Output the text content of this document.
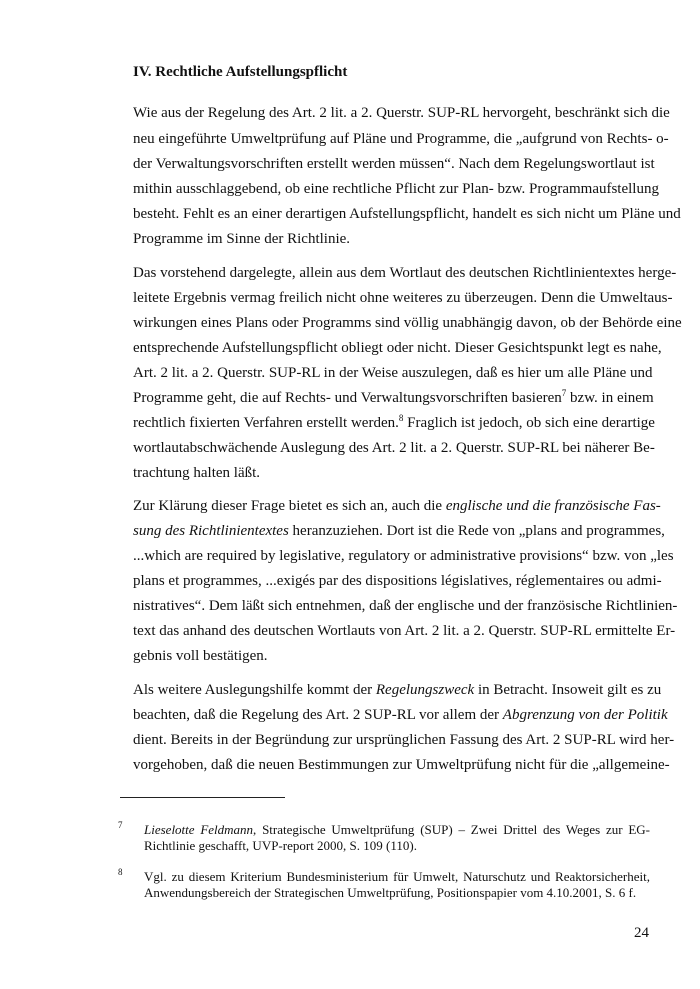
IV. Rechtliche Aufstellungspflicht
Wie aus der Regelung des Art. 2 lit. a 2. Querstr. SUP-RL hervorgeht, beschränkt sich die
neu eingeführte Umweltprüfung auf Pläne und Programme, die „aufgrund von Rechts- o-
der Verwaltungsvorschriften erstellt werden müssen“. Nach dem Regelungswortlaut ist
mithin ausschlaggebend, ob eine rechtliche Pflicht zur Plan- bzw. Programmaufstellung
besteht. Fehlt es an einer derartigen Aufstellungspflicht, handelt es sich nicht um Pläne und
Programme im Sinne der Richtlinie.
Das vorstehend dargelegte, allein aus dem Wortlaut des deutschen Richtlinientextes herge-
leitete Ergebnis vermag freilich nicht ohne weiteres zu überzeugen. Denn die Umweltaus-
wirkungen eines Plans oder Programms sind völlig unabhängig davon, ob der Behörde eine
entsprechende Aufstellungspflicht obliegt oder nicht. Dieser Gesichtspunkt legt es nahe,
Art. 2 lit. a 2. Querstr. SUP-RL in der Weise auszulegen, daß es hier um alle Pläne und
Programme geht, die auf Rechts- und Verwaltungsvorschriften basieren$^7$ bzw. in einem
rechtlich fixierten Verfahren erstellt werden.$^8$ Fraglich ist jedoch, ob sich eine derartige
wortlautabschwächende Auslegung des Art. 2 lit. a 2. Querstr. SUP-RL bei näherer Be-
trachtung halten läßt.
Zur Klärung dieser Frage bietet es sich an, auch die englische und die französische Fas-
sung des Richtlinientextes heranzuziehen. Dort ist die Rede von „plans and programmes,
...which are required by legislative, regulatory or administrative provisions“ bzw. von „les
plans et programmes, ...exigés par des dispositions législatives, réglementaires ou admi-
nistratives“. Dem läßt sich entnehmen, daß der englische und der französische Richtlinien-
text das anhand des deutschen Wortlauts von Art. 2 lit. a 2. Querstr. SUP-RL ermittelte Er-
gebnis voll bestätigen.
Als weitere Auslegungshilfe kommt der Regelungszweck in Betracht. Insoweit gilt es zu
beachten, daß die Regelung des Art. 2 SUP-RL vor allem der Abgrenzung von der Politik
dient. Bereits in der Begründung zur ursprünglichen Fassung des Art. 2 SUP-RL wird her-
vorgehoben, daß die neuen Bestimmungen zur Umweltprüfung nicht für die „allgemeine-
7 Lieselotte Feldmann, Strategische Umweltprüfung (SUP) – Zwei Drittel des Weges zur EG-
Richtlinie geschafft, UVP-report 2000, S. 109 (110).
8 Vgl. zu diesem Kriterium Bundesministerium für Umwelt, Naturschutz und Reaktorsicherheit,
Anwendungsbereich der Strategischen Umweltprüfung, Positionspapier vom 4.10.2001, S. 6 f.
24
